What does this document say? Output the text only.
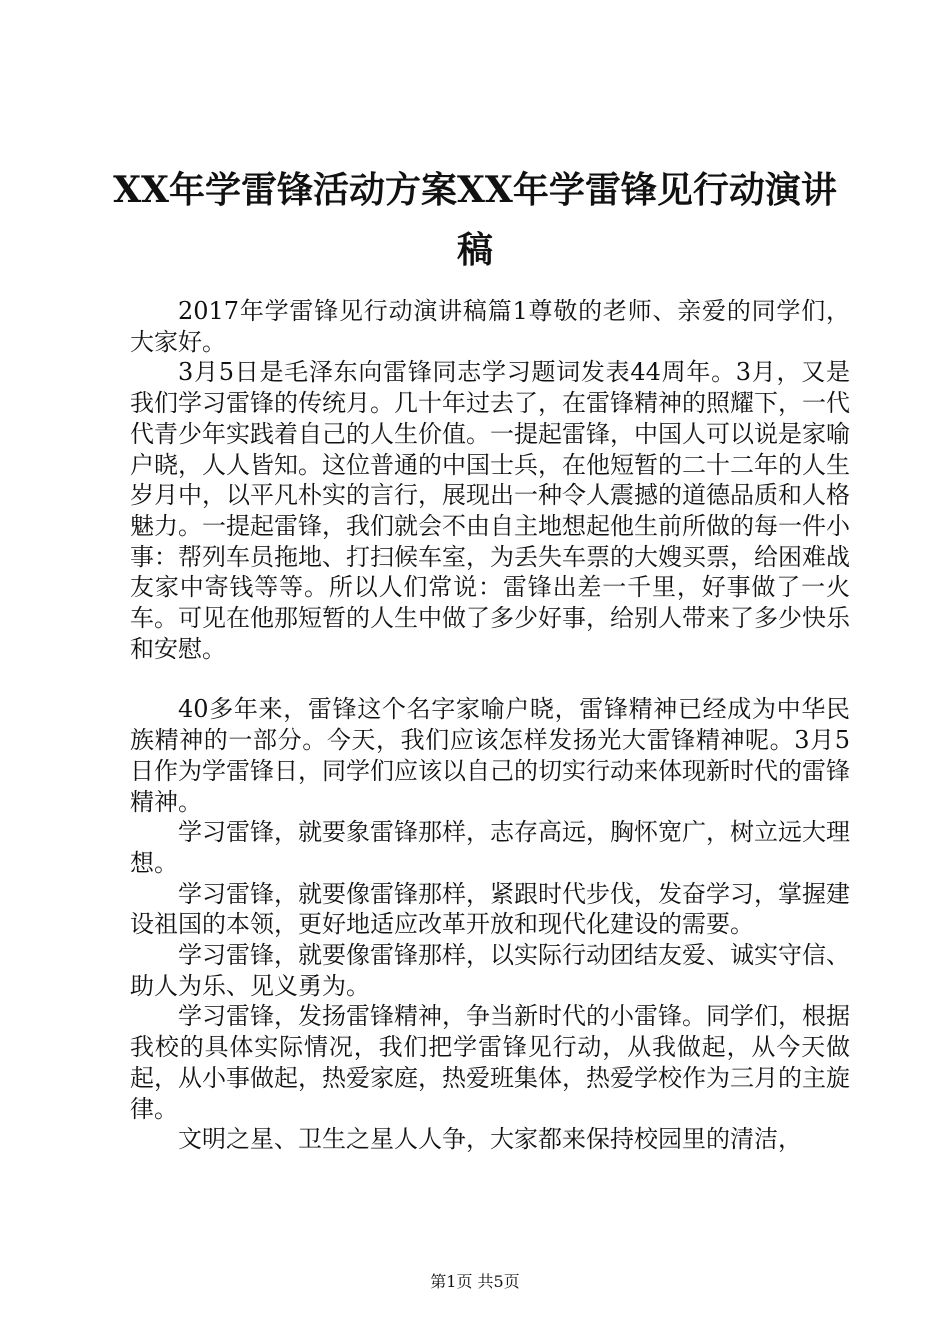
XX年学雷锋活动方案XX年学雷锋见行动演讲稿

2017年学雷锋见行动演讲稿篇1尊敬的老师、亲爱的同学们，大家好。

3月5日是毛泽东向雷锋同志学习题词发表44周年。3月，又是我们学习雷锋的传统月。几十年过去了，在雷锋精神的照耀下，一代代青少年实践着自己的人生价值。一提起雷锋，中国人可以说是家喻户晓，人人皆知。这位普通的中国士兵，在他短暂的二十二年的人生岁月中，以平凡朴实的言行，展现出一种令人震撼的道德品质和人格魅力。一提起雷锋，我们就会不由自主地想起他生前所做的每一件小事：帮列车员拖地、打扫候车室，为丢失车票的大嫂买票，给困难战友家中寄钱等等。所以人们常说：雷锋出差一千里，好事做了一火车。可见在他那短暂的人生中做了多少好事，给别人带来了多少快乐和安慰。

40多年来，雷锋这个名字家喻户晓，雷锋精神已经成为中华民族精神的一部分。今天，我们应该怎样发扬光大雷锋精神呢。3月5日作为学雷锋日，同学们应该以自己的切实行动来体现新时代的雷锋精神。

学习雷锋，就要象雷锋那样，志存高远，胸怀宽广，树立远大理想。

学习雷锋，就要像雷锋那样，紧跟时代步伐，发奋学习，掌握建设祖国的本领，更好地适应改革开放和现代化建设的需要。

学习雷锋，就要像雷锋那样，以实际行动团结友爱、诚实守信、助人为乐、见义勇为。

学习雷锋，发扬雷锋精神，争当新时代的小雷锋。同学们，根据我校的具体实际情况，我们把学雷锋见行动，从我做起，从今天做起，从小事做起，热爱家庭，热爱班集体，热爱学校作为三月的主旋律。

文明之星、卫生之星人人争，大家都来保持校园里的清洁，

第1页 共5页
